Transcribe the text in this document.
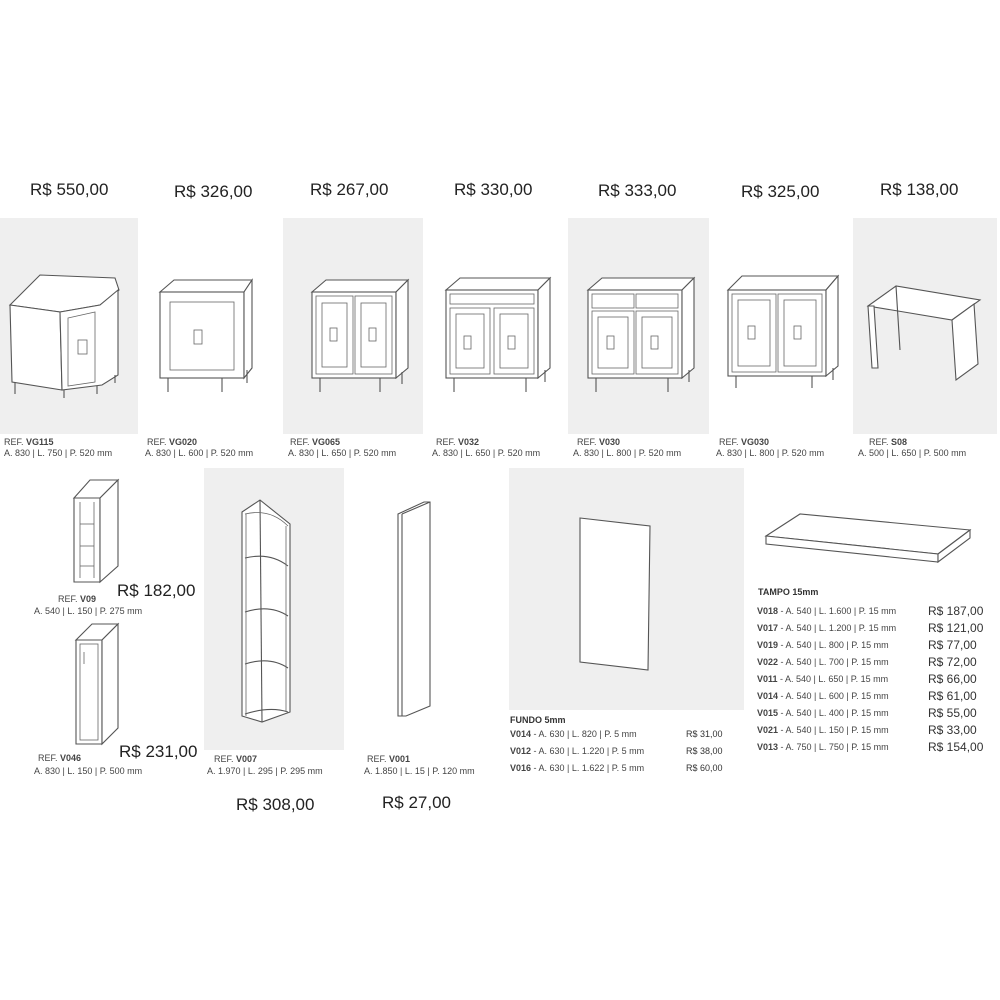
R$ 550,00	R$ 326,00	R$ 267,00	R$ 330,00	R$ 333,00	R$ 325,00	R$ 138,00
REF. VG115
A. 830 | L. 750 | P. 520 mm
REF. VG020
A. 830 | L. 600 | P. 520 mm
REF. VG065
A. 830 | L. 650 | P. 520 mm
REF. V032
A. 830 | L. 650 | P. 520 mm
REF. V030
A. 830 | L. 800 | P. 520 mm
REF. VG030
A. 830 | L. 800 | P. 520 mm
REF. S08
A. 500 | L. 650 | P. 500 mm
REF. V09
A. 540 | L. 150 | P. 275 mm
R$ 182,00
REF. V046
A. 830 | L. 150 | P. 500 mm
R$ 231,00 REF. V007
A. 1.970 | L. 295 | P. 295 mm
R$ 308,00
REF. V001
A. 1.850 | L. 15 | P. 120 mm
R$ 27,00
FUNDO 5mm
V014 - A. 630 | L. 820 | P. 5 mm	R$ 31,00
V012 - A. 630 | L. 1.220 | P. 5 mm	R$ 38,00
V016 - A. 630 | L. 1.622 | P. 5 mm	R$ 60,00
TAMPO 15mm
V018 - A. 540 | L. 1.600 | P. 15 mm	R$ 187,00
V017 - A. 540 | L. 1.200 | P. 15 mm	R$ 121,00
V019 - A. 540 | L. 800 | P. 15 mm	R$ 77,00
V022 - A. 540 | L. 700 | P. 15 mm	R$ 72,00
V011 - A. 540 | L. 650 | P. 15 mm	R$ 66,00
V014 - A. 540 | L. 600 | P. 15 mm	R$ 61,00
V015 - A. 540 | L. 400 | P. 15 mm	R$ 55,00
V021 - A. 540 | L. 150 | P. 15 mm	R$ 33,00
V013 - A. 750 | L. 750 | P. 15 mm	R$ 154,00
